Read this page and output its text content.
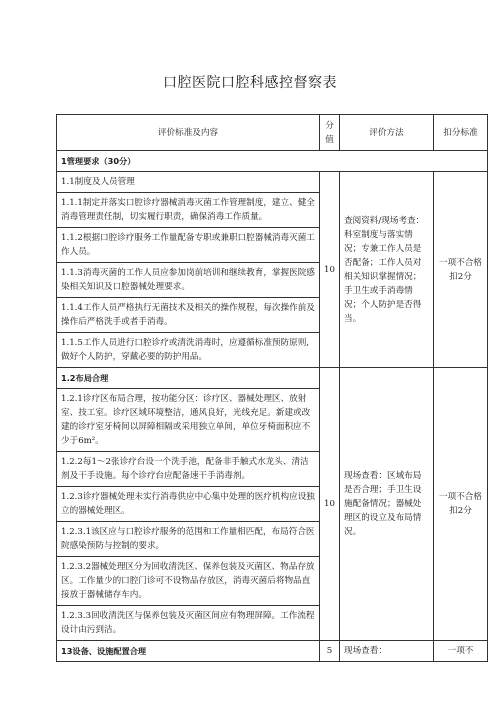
口腔医院口腔科感控督察表
评价标准及内容	分值	评价方法	扣分标准
1管理要求（30分）			
1.1制度及人员管理	10	查阅资料/现场考查：科室制度与落实情况；专兼工作人员是否配备；工作人员对相关知识掌握情况；手卫生或手消毒情况；个人防护是否得当。	一项不合格扣2分
1.1.1制定并落实口腔诊疗器械消毒灭菌工作管理制度，建立、健全消毒管理责任制，切实履行职责，确保消毒工作质量。			
1.1.2根据口腔诊疗服务工作量配备专职或兼职口腔器械消毒灭菌工作人员。			
1.1.3消毒灭菌的工作人员应参加岗前培训和继续教育，掌握医院感染相关知识及口腔器械处理要求。			
1.1.4工作人员严格执行无菌技术及相关的操作规程，每次操作前及操作后严格洗手或者手消毒。			
1.1.5工作人员进行口腔诊疗或清洗消毒时，应遵循标准预防原则,做好个人防护，穿戴必要的防护用品。			
1.2布局合理	10	现场查看：区域布局是否合理；手卫生设施配备情况；器械处理区的设立及布局情况。	一项不合格扣2分
1.2.1诊疗区布局合理，按功能分区：诊疗区、器械处理区、放射室、技工室。诊疗区域环境整洁，通风良好，光线充足。新建或改建的诊疗室牙椅间以屏障相隔或采用独立单间，单位牙椅面积应不少于6m²。			
1.2.2每1～2张诊疗台设一个洗手池，配备非手触式水龙头、清洁剂及干手设施。每个诊疗台应配备速干手消毒剂。			
1.2.3诊疗器械处理未实行消毒供应中心集中处理的医疗机构应设独立的器械处理区。			
1.2.3.1该区应与口腔诊疗服务的范围和工作量相匹配，布局符合医院感染预防与控制的要求。			
1.2.3.2器械处理区分为回收清洗区、保养包装及灭菌区、物品存放区。工作量少的口腔门诊可不设物品存放区，消毒灭菌后将物品直接放于器械储存车内。			
1.2.3.3回收清洗区与保养包装及灭菌区间应有物理屏障。工作流程设计由污到洁。			
13设备、设施配置合理	5	现场查看：	一项不
